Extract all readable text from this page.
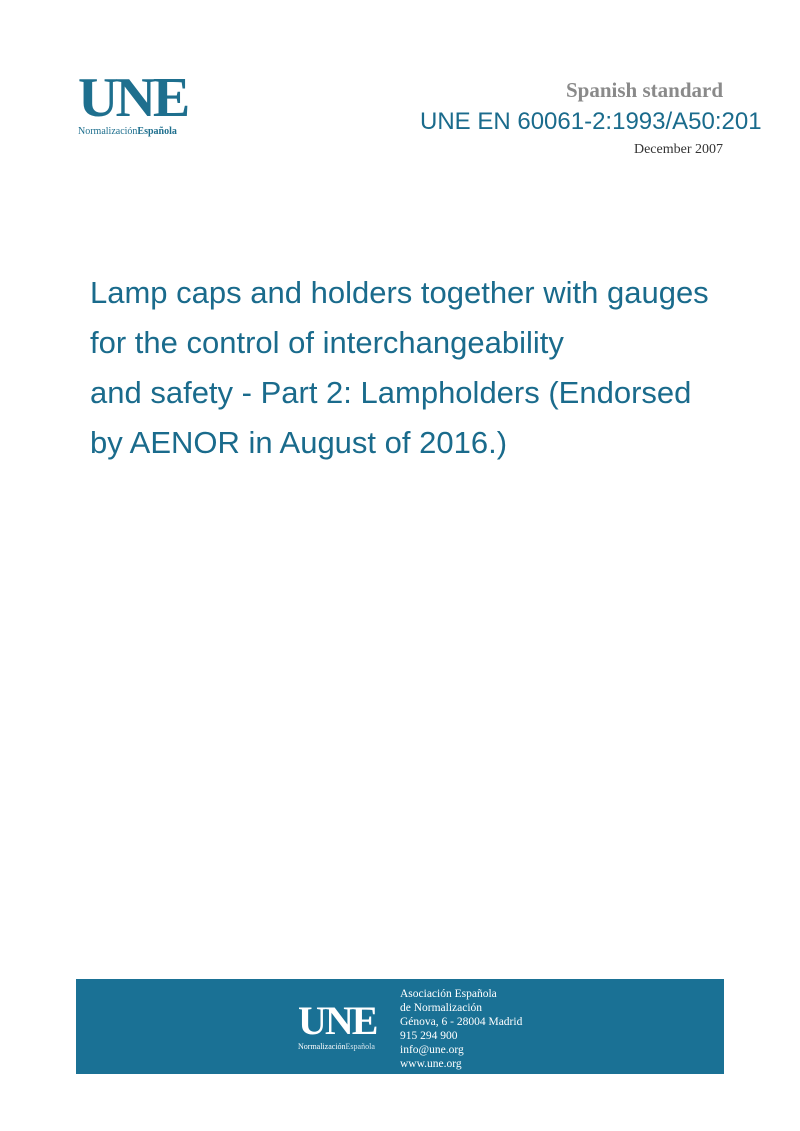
UNE
NormalizaciónEspañola
Spanish standard
UNE EN 60061-2:1993/A50:201
December 2007
Lamp caps and holders together with gauges
for the control of interchangeability
and safety - Part 2: Lampholders (Endorsed
by AENOR in August of 2016.)
UNE
NormalizaciónEspañola
Asociación Española
de Normalización
Génova, 6 - 28004 Madrid
915 294 900
info@une.org
www.une.org
